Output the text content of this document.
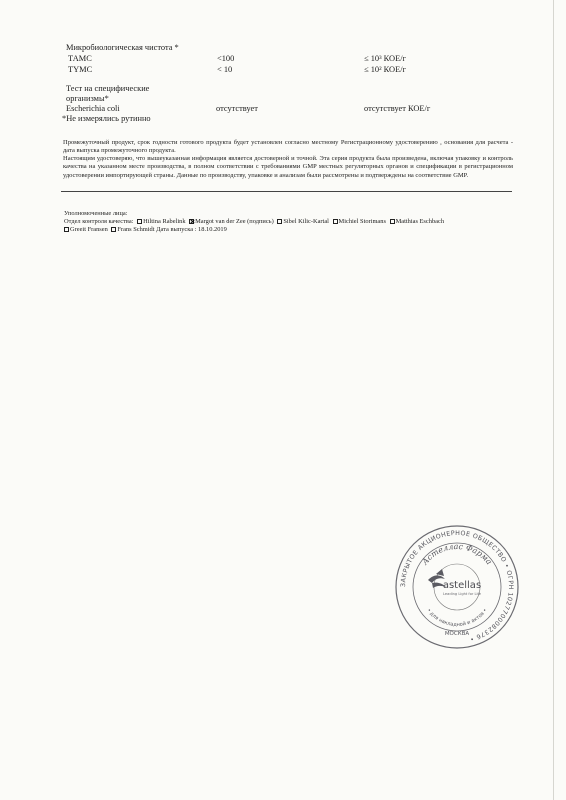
Микробиологическая чистота *
ТАМС	<100	≤ 10³ КОЕ/г
ТYMC	< 10	≤ 10² КОЕ/г
Тест на специфические
организмы*
Escherichia coli	отсутствует	отсутствует КОЕ/г
*Не измерялись рутинно
Промежуточный продукт, срок годности готового продукта будет установлен согласно местному Регистрационному удостоверению , основания для расчета - дата выпуска промежуточного продукта.
Настоящим удостоверяю, что вышеуказанная информация является достоверной и точной. Эта серия продукта была произведена, включая упаковку и контроль качества на указанном месте производства, в полном соответствии с требованиями GMP местных регуляторных органов и спецификации в регистрационном удостоверении импортирующей страны. Данные по производству, упаковке и анализам были рассмотрены и подтверждены на соответствие GMP.
Уполномоченные лица:
Отдел контроля качества: Hiltina Rabelink Margot van der Zee (подпись) Sibel Kilic-Kartal Michiel Storimans Matthias Eschbach
Greeit Fransen Frans Schmidt Дата выпуска : 18.10.2019
ЗАКРЫТОЕ АКЦИОНЕРНОЕ ОБЩЕСТВО • ОГРН 1027700082376 •
Астеллас Фарма
• для накладной и актов •
astellas
Leading Light for Life
МОСКВА
